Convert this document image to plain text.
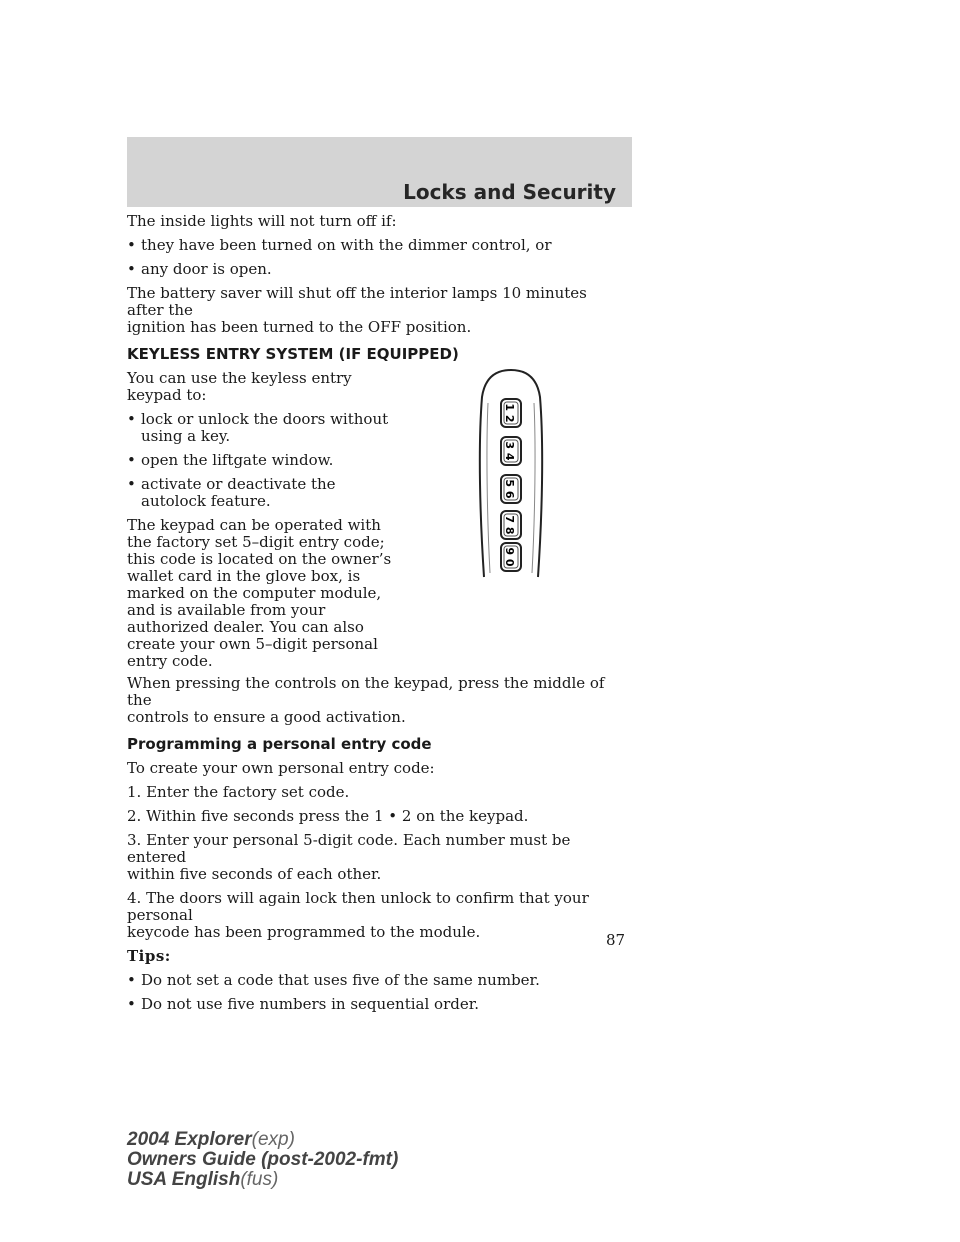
Locks and Security

The inside lights will not turn off if:

• they have been turned on with the dimmer control, or
• any door is open.

The battery saver will shut off the interior lamps 10 minutes after the

ignition has been turned to the OFF position.

KEYLESS ENTRY SYSTEM (IF EQUIPPED)

You can use the keyless entry

keypad to:

• lock or unlock the doors without
using a key.
• open the liftgate window.
• activate or deactivate the
autolock feature.

The keypad can be operated with

the factory set 5–digit entry code;

this code is located on the owner’s

wallet card in the glove box, is

marked on the computer module,

and is available from your

authorized dealer. You can also

create your own 5–digit personal

entry code.

When pressing the controls on the keypad, press the middle of the

controls to ensure a good activation.

Programming a personal entry code

To create your own personal entry code:

1. Enter the factory set code.

2. Within five seconds press the 1 • 2 on the keypad.

3. Enter your personal 5-digit code. Each number must be entered

within five seconds of each other.

4. The doors will again lock then unlock to confirm that your personal

keycode has been programmed to the module.

Tips:

• Do not set a code that uses five of the same number.
• Do not use five numbers in sequential order.
1 2
3 4
5 6
7 8
9 0
87
2004 Explorer(exp)
Owners Guide (post-2002-fmt)
USA English(fus)
